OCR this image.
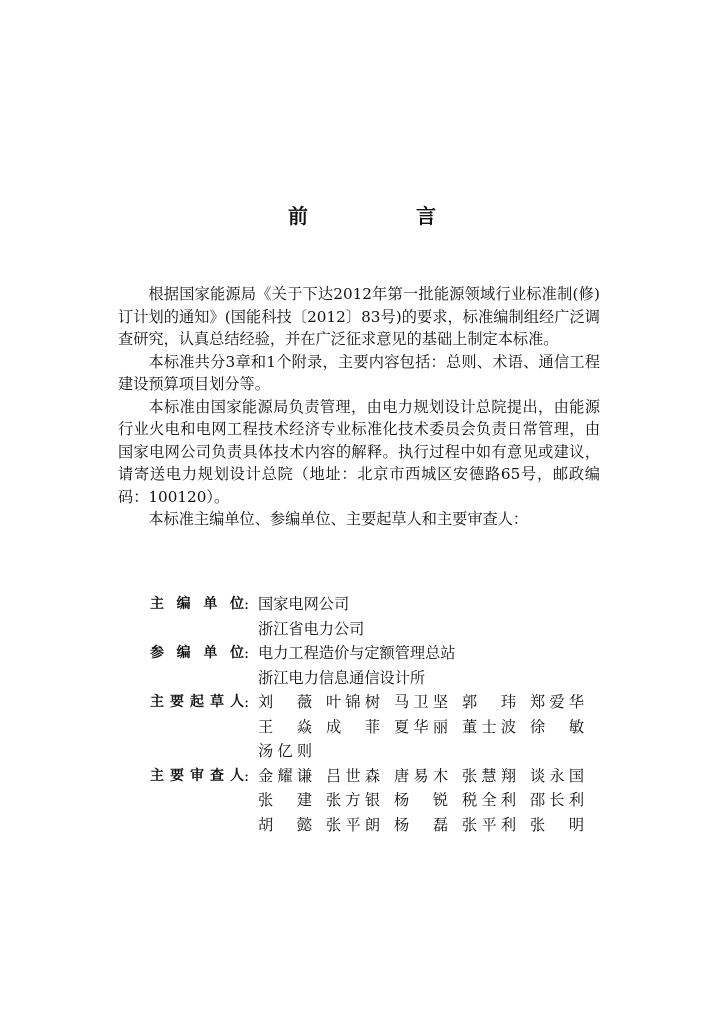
前　言

根据国家能源局《关于下达2012年第一批能源领域行业标准制(修)订计划的通知》(国能科技〔2012〕83号)的要求，标准编制组经广泛调查研究，认真总结经验，并在广泛征求意见的基础上制定本标准。

本标准共分3章和1个附录，主要内容包括：总则、术语、通信工程建设预算项目划分等。

本标准由国家能源局负责管理，由电力规划设计总院提出，由能源行业火电和电网工程技术经济专业标准化技术委员会负责日常管理，由国家电网公司负责具体技术内容的解释。执行过程中如有意见或建议，请寄送电力规划设计总院（地址：北京市西城区安德路65号，邮政编码：100120）。

本标准主编单位、参编单位、主要起草人和主要审查人：

主编单位 : 国家电网公司
浙江省电力公司
参编单位 : 电力工程造价与定额管理总站
浙江电力信息通信设计所
主要起草人 : 刘薇 叶锦树 马卫坚 郭玮 郑爱华
王焱 成菲 夏华丽 董士波 徐敏
汤亿则
主要审查人 : 金耀谦 吕世森 唐易木 张慧翔 谈永国
张建 张方银 杨锐 税全利 邵长利
胡懿 张平朗 杨磊 张平利 张明
